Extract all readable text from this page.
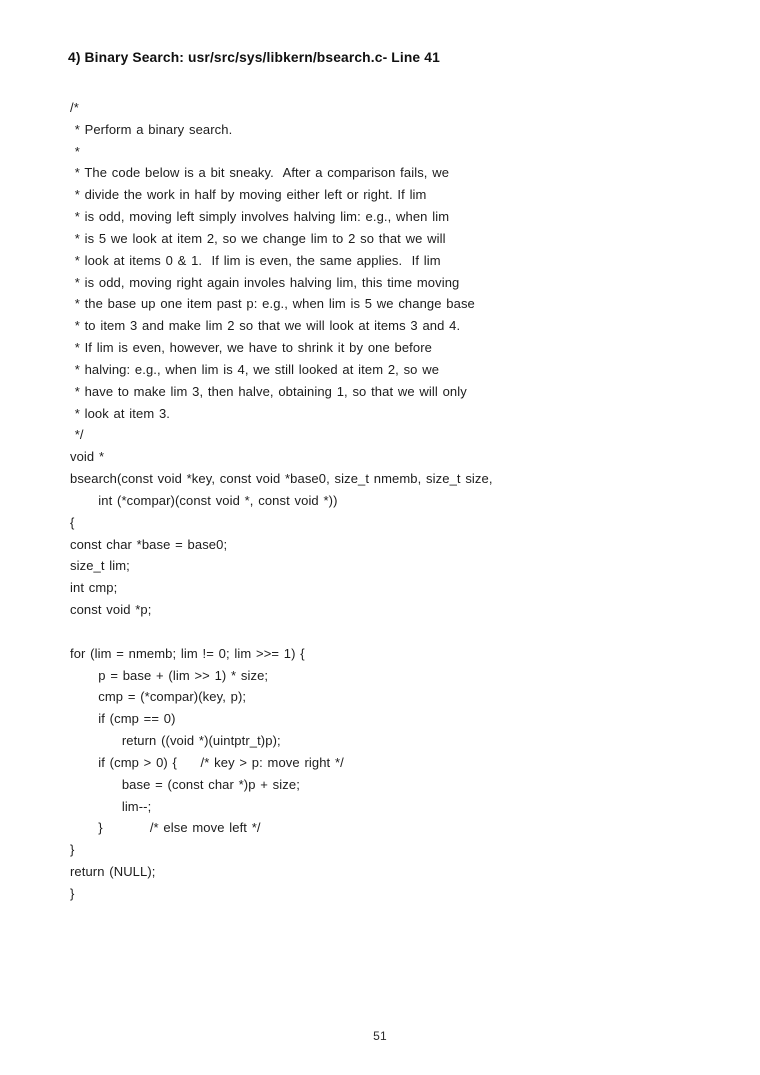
4) Binary Search: usr/src/sys/libkern/bsearch.c- Line 41
/*
* Perform a binary search.
*
* The code below is a bit sneaky.  After a comparison fails, we
* divide the work in half by moving either left or right. If lim
* is odd, moving left simply involves halving lim: e.g., when lim
* is 5 we look at item 2, so we change lim to 2 so that we will
* look at items 0 & 1.  If lim is even, the same applies.  If lim
* is odd, moving right again involes halving lim, this time moving
* the base up one item past p: e.g., when lim is 5 we change base
* to item 3 and make lim 2 so that we will look at items 3 and 4.
* If lim is even, however, we have to shrink it by one before
* halving: e.g., when lim is 4, we still looked at item 2, so we
* have to make lim 3, then halve, obtaining 1, so that we will only
* look at item 3.
*/
void *
bsearch(const void *key, const void *base0, size_t nmemb, size_t size,
int (*compar)(const void *, const void *))
{
const char *base = base0;
size_t lim;
int cmp;
const void *p;
for (lim = nmemb; lim != 0; lim >>= 1) {
p = base + (lim >> 1) * size;
cmp = (*compar)(key, p);
if (cmp == 0)
return ((void *)(uintptr_t)p);
if (cmp > 0) {     /* key > p: move right */
base = (const char *)p + size;
lim--;
}          /* else move left */
}
return (NULL);
}
51
